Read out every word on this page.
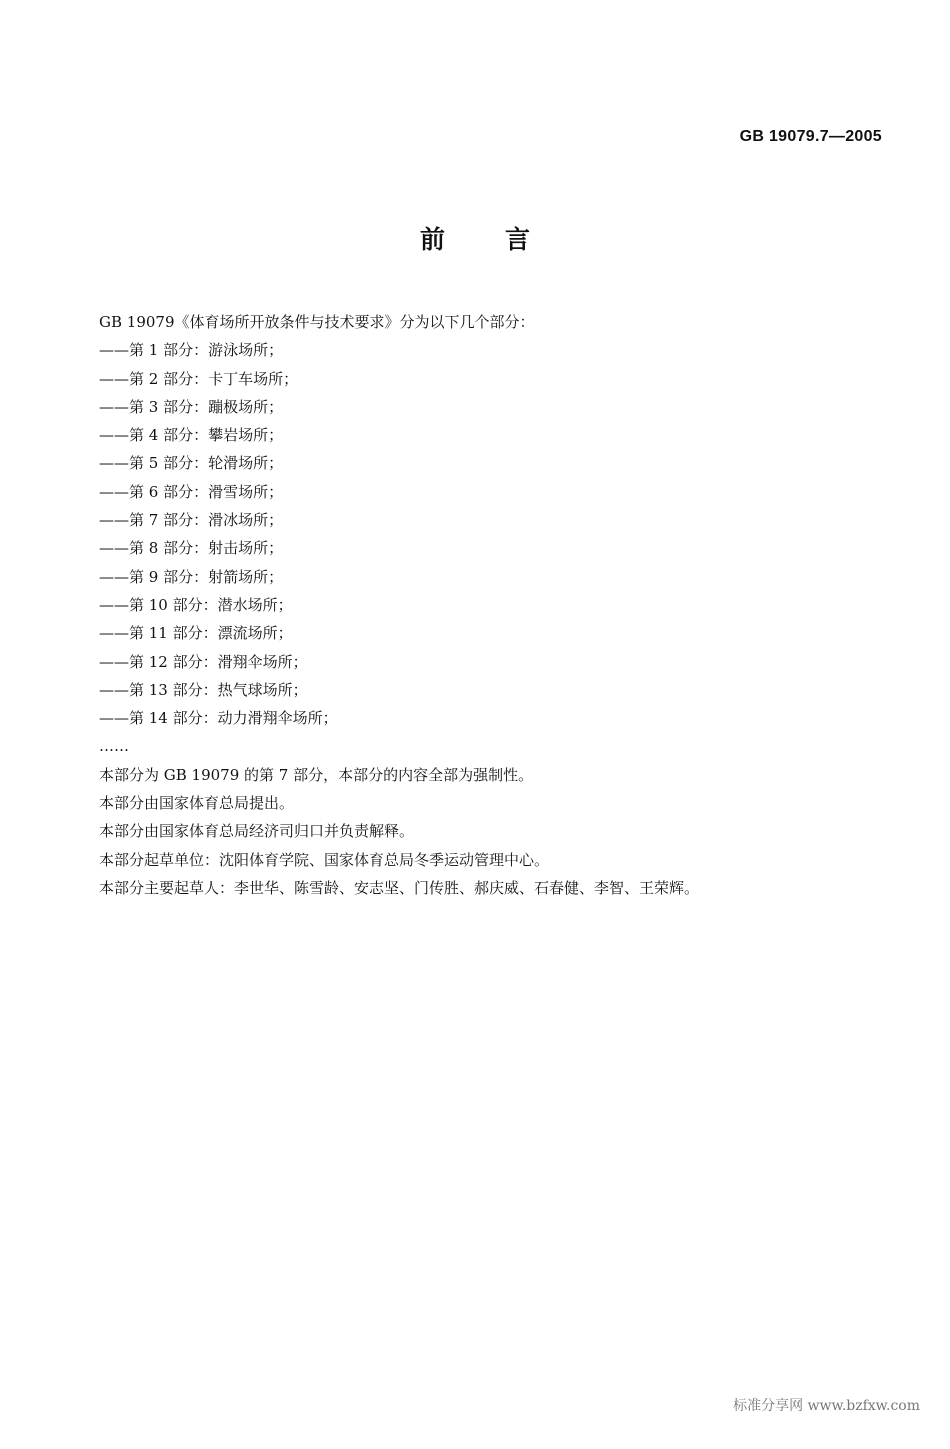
GB 19079.7—2005
前言
GB 19079《体育场所开放条件与技术要求》分为以下几个部分：
——第 1 部分：游泳场所；
——第 2 部分：卡丁车场所；
——第 3 部分：蹦极场所；
——第 4 部分：攀岩场所；
——第 5 部分：轮滑场所；
——第 6 部分：滑雪场所；
——第 7 部分：滑冰场所；
——第 8 部分：射击场所；
——第 9 部分：射箭场所；
——第 10 部分：潜水场所；
——第 11 部分：漂流场所；
——第 12 部分：滑翔伞场所；
——第 13 部分：热气球场所；
——第 14 部分：动力滑翔伞场所；
……
本部分为 GB 19079 的第 7 部分，本部分的内容全部为强制性。
本部分由国家体育总局提出。
本部分由国家体育总局经济司归口并负责解释。
本部分起草单位：沈阳体育学院、国家体育总局冬季运动管理中心。
本部分主要起草人：李世华、陈雪龄、安志坚、门传胜、郝庆威、石春健、李智、王荣辉。
标准分享网 www.bzfxw.com
